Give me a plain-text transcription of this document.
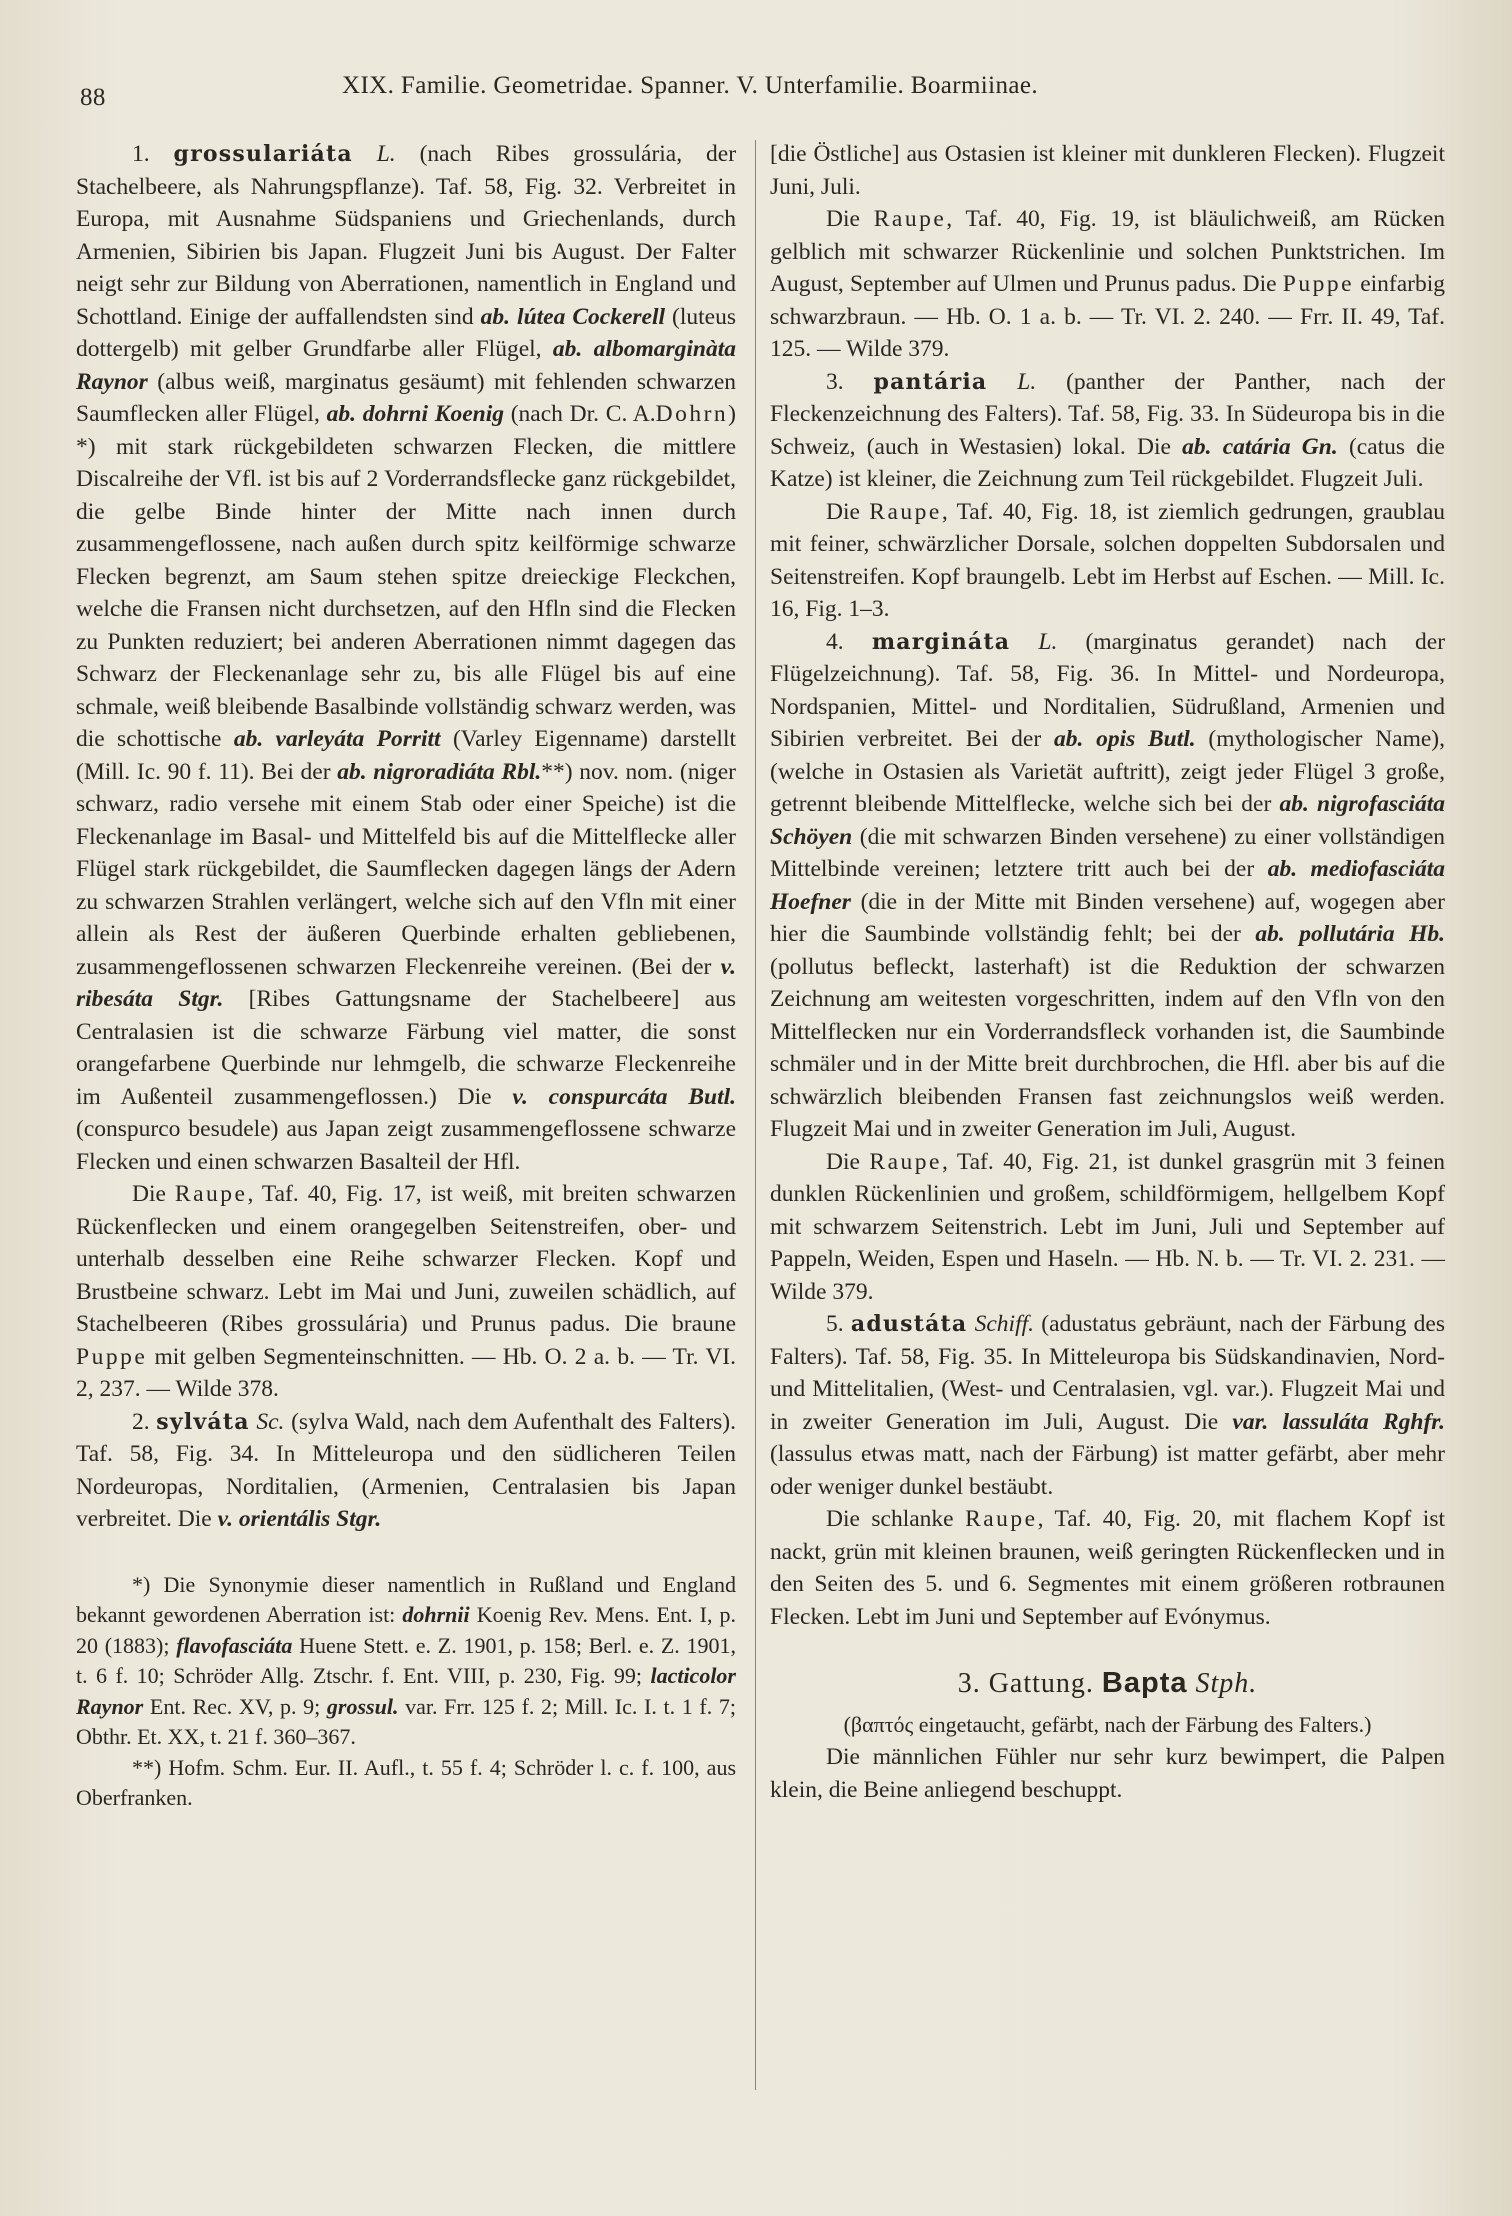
88	XIX. Familie. Geometridae. Spanner. V. Unterfamilie. Boarmiinae.

1. grossulariáta L. (nach Ribes grossulária, der Stachelbeere, als Nahrungspflanze). Taf. 58, Fig. 32. Verbreitet in Europa, mit Ausnahme Südspaniens und Griechenlands, durch Armenien, Sibirien bis Japan. Flugzeit Juni bis August. Der Falter neigt sehr zur Bildung von Aberrationen, namentlich in England und Schottland. Einige der auffallendsten sind ab. lútea Cockerell (luteus dottergelb) mit gelber Grundfarbe aller Flügel, ab. albomarginàta Raynor (albus weiß, marginatus gesäumt) mit fehlenden schwarzen Saumflecken aller Flügel, ab. dohrni Koenig (nach Dr. C. A.Dohrn) *) mit stark rückgebildeten schwarzen Flecken, die mittlere Discalreihe der Vfl. ist bis auf 2 Vorderrandsflecke ganz rückgebildet, die gelbe Binde hinter der Mitte nach innen durch zusammengeflossene, nach außen durch spitz keilförmige schwarze Flecken begrenzt, am Saum stehen spitze dreieckige Fleckchen, welche die Fransen nicht durchsetzen, auf den Hfln sind die Flecken zu Punkten reduziert; bei anderen Aberrationen nimmt dagegen das Schwarz der Fleckenanlage sehr zu, bis alle Flügel bis auf eine schmale, weiß bleibende Basalbinde vollständig schwarz werden, was die schottische ab. varleyáta Porritt (Varley Eigenname) darstellt (Mill. Ic. 90 f. 11). Bei der ab. nigroradiáta Rbl.**) nov. nom. (niger schwarz, radio versehe mit einem Stab oder einer Speiche) ist die Fleckenanlage im Basal- und Mittelfeld bis auf die Mittelflecke aller Flügel stark rückgebildet, die Saumflecken dagegen längs der Adern zu schwarzen Strahlen verlängert, welche sich auf den Vfln mit einer allein als Rest der äußeren Querbinde erhalten gebliebenen, zusammengeflossenen schwarzen Fleckenreihe vereinen. (Bei der v. ribesáta Stgr. [Ribes Gattungsname der Stachelbeere] aus Centralasien ist die schwarze Färbung viel matter, die sonst orangefarbene Querbinde nur lehmgelb, die schwarze Fleckenreihe im Außenteil zusammengeflossen.) Die v. conspurcáta Butl. (conspurco besudele) aus Japan zeigt zusammengeflossene schwarze Flecken und einen schwarzen Basalteil der Hfl.

Die Raupe, Taf. 40, Fig. 17, ist weiß, mit breiten schwarzen Rückenflecken und einem orangegelben Seitenstreifen, ober- und unterhalb desselben eine Reihe schwarzer Flecken. Kopf und Brustbeine schwarz. Lebt im Mai und Juni, zuweilen schädlich, auf Stachelbeeren (Ribes grossulária) und Prunus padus. Die braune Puppe mit gelben Segmenteinschnitten. — Hb. O. 2 a. b. — Tr. VI. 2, 237. — Wilde 378.

2. sylváta Sc. (sylva Wald, nach dem Aufenthalt des Falters). Taf. 58, Fig. 34. In Mitteleuropa und den südlicheren Teilen Nordeuropas, Norditalien, (Armenien, Centralasien bis Japan verbreitet. Die v. orientális Stgr.

*) Die Synonymie dieser namentlich in Rußland und England bekannt gewordenen Aberration ist: dohrnii Koenig Rev. Mens. Ent. I, p. 20 (1883); flavofasciáta Huene Stett. e. Z. 1901, p. 158; Berl. e. Z. 1901, t. 6 f. 10; Schröder Allg. Ztschr. f. Ent. VIII, p. 230, Fig. 99; lacticolor Raynor Ent. Rec. XV, p. 9; grossul. var. Frr. 125 f. 2; Mill. Ic. I. t. 1 f. 7; Obthr. Et. XX, t. 21 f. 360–367.

**) Hofm. Schm. Eur. II. Aufl., t. 55 f. 4; Schröder l. c. f. 100, aus Oberfranken.

[die Östliche] aus Ostasien ist kleiner mit dunkleren Flecken). Flugzeit Juni, Juli.

Die Raupe, Taf. 40, Fig. 19, ist bläulichweiß, am Rücken gelblich mit schwarzer Rückenlinie und solchen Punktstrichen. Im August, September auf Ulmen und Prunus padus. Die Puppe einfarbig schwarzbraun. — Hb. O. 1 a. b. — Tr. VI. 2. 240. — Frr. II. 49, Taf. 125. — Wilde 379.

3. pantária L. (panther der Panther, nach der Fleckenzeichnung des Falters). Taf. 58, Fig. 33. In Südeuropa bis in die Schweiz, (auch in Westasien) lokal. Die ab. catária Gn. (catus die Katze) ist kleiner, die Zeichnung zum Teil rückgebildet. Flugzeit Juli.

Die Raupe, Taf. 40, Fig. 18, ist ziemlich gedrungen, graublau mit feiner, schwärzlicher Dorsale, solchen doppelten Subdorsalen und Seitenstreifen. Kopf braungelb. Lebt im Herbst auf Eschen. — Mill. Ic. 16, Fig. 1–3.

4. margináta L. (marginatus gerandet) nach der Flügelzeichnung). Taf. 58, Fig. 36. In Mittel- und Nordeuropa, Nordspanien, Mittel- und Norditalien, Südrußland, Armenien und Sibirien verbreitet. Bei der ab. opis Butl. (mythologischer Name), (welche in Ostasien als Varietät auftritt), zeigt jeder Flügel 3 große, getrennt bleibende Mittelflecke, welche sich bei der ab. nigrofasciáta Schöyen (die mit schwarzen Binden versehene) zu einer vollständigen Mittelbinde vereinen; letztere tritt auch bei der ab. mediofasciáta Hoefner (die in der Mitte mit Binden versehene) auf, wogegen aber hier die Saumbinde vollständig fehlt; bei der ab. pollutária Hb. (pollutus befleckt, lasterhaft) ist die Reduktion der schwarzen Zeichnung am weitesten vorgeschritten, indem auf den Vfln von den Mittelflecken nur ein Vorderrandsfleck vorhanden ist, die Saumbinde schmäler und in der Mitte breit durchbrochen, die Hfl. aber bis auf die schwärzlich bleibenden Fransen fast zeichnungslos weiß werden. Flugzeit Mai und in zweiter Generation im Juli, August.

Die Raupe, Taf. 40, Fig. 21, ist dunkel grasgrün mit 3 feinen dunklen Rückenlinien und großem, schildförmigem, hellgelbem Kopf mit schwarzem Seitenstrich. Lebt im Juni, Juli und September auf Pappeln, Weiden, Espen und Haseln. — Hb. N. b. — Tr. VI. 2. 231. — Wilde 379.

5. adustáta Schiff. (adustatus gebräunt, nach der Färbung des Falters). Taf. 58, Fig. 35. In Mitteleuropa bis Südskandinavien, Nord- und Mittelitalien, (West- und Centralasien, vgl. var.). Flugzeit Mai und in zweiter Generation im Juli, August. Die var. lassuláta Rghfr. (lassulus etwas matt, nach der Färbung) ist matter gefärbt, aber mehr oder weniger dunkel bestäubt.

Die schlanke Raupe, Taf. 40, Fig. 20, mit flachem Kopf ist nackt, grün mit kleinen braunen, weiß geringten Rückenflecken und in den Seiten des 5. und 6. Segmentes mit einem größeren rotbraunen Flecken. Lebt im Juni und September auf Evónymus.

3. Gattung. Bapta Stph.
(βαπτός eingetaucht, gefärbt, nach der Färbung des Falters.)

Die männlichen Fühler nur sehr kurz bewimpert, die Palpen klein, die Beine anliegend beschuppt.
